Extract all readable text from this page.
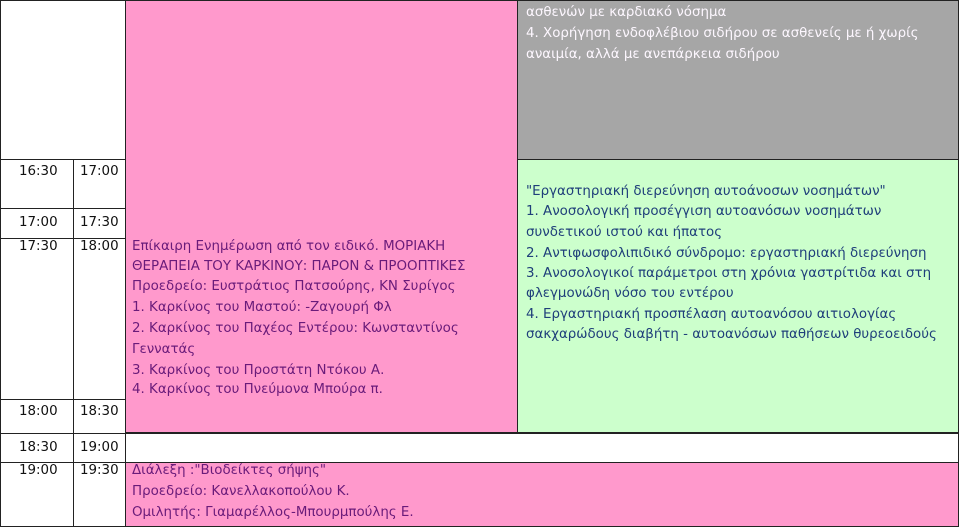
Επίκαιρη Ενημέρωση από τον ειδικό. ΜΟΡΙΑΚΗ
ΘΕΡΑΠΕΙΑ ΤΟΥ ΚΑΡΚΙΝΟΥ: ΠΑΡΟΝ & ΠΡΟΟΠΤΙΚΕΣ
Προεδρείο: Ευστράτιος Πατσούρης, ΚΝ Συρίγος
1. Καρκίνος του Μαστού: -Ζαγουρή Φλ
2. Καρκίνος του Παχέος Εντέρου: Κωνσταντίνος
Γεννατάς
3. Καρκίνος του Προστάτη Ντόκου Α.
4. Καρκίνος του Πνεύμονα Μπούρα π.
ασθενών με καρδιακό νόσημα
4. Χορήγηση ενδοφλέβιου σιδήρου σε ασθενείς με ή χωρίς
αναιμία, αλλά με ανεπάρκεια σιδήρου
"Εργαστηριακή διερεύνηση αυτοάνοσων νοσημάτων"
1. Ανοσολογική προσέγγιση αυτοανόσων νοσημάτων
συνδετικού ιστού και ήπατος
2. Αντιφωσφολιπιδικό σύνδρομο: εργαστηριακή διερεύνηση
3. Ανοσολογικοί παράμετροι στη χρόνια γαστρίτιδα και στη
φλεγμονώδη νόσο του εντέρου
4. Εργαστηριακή προσπέλαση αυτοανόσου αιτιολογίας
σακχαρώδους διαβήτη - αυτοανόσων παθήσεων θυρεοειδούς
16:30 17:00
17:00 17:30
17:30 18:00
18:00 18:30
18:30 19:00
19:00 19:30 Διάλεξη :"Βιοδείκτες σήψης"
Προεδρείο: Κανελλακοπούλου Κ.
Ομιλητής: Γιαμαρέλλος-Μπουρμπούλης Ε.
